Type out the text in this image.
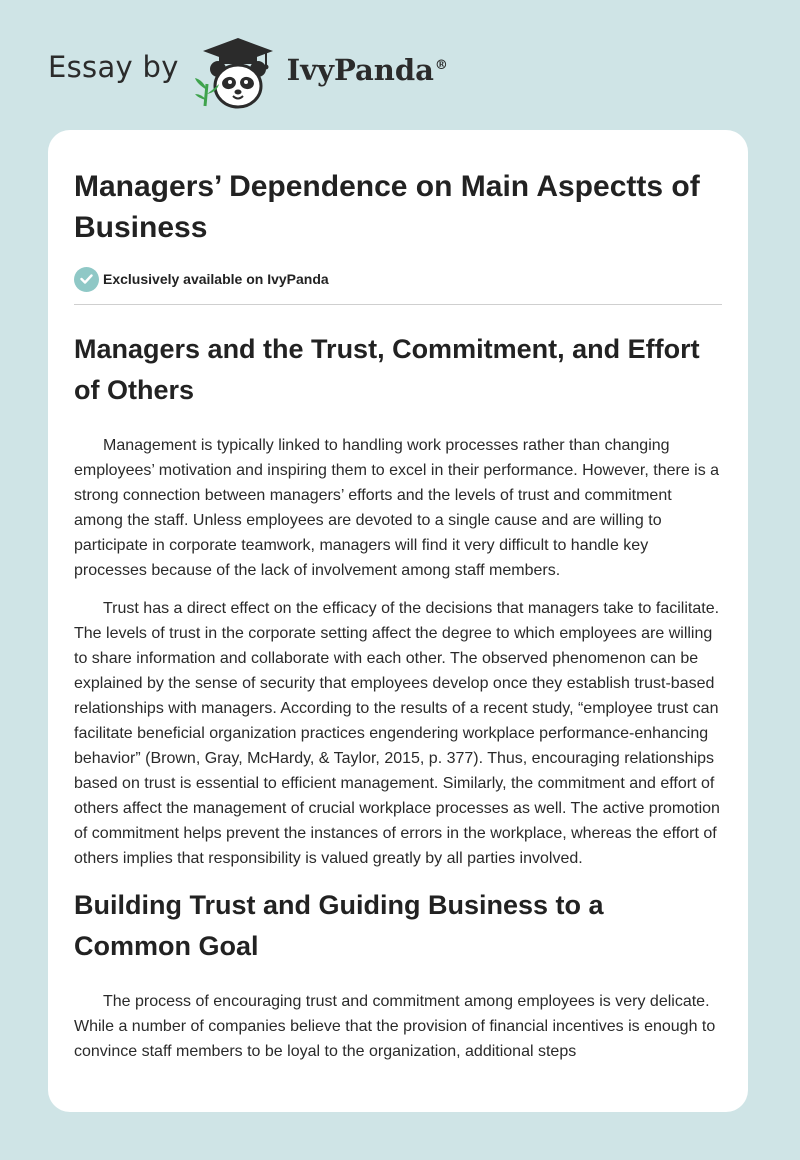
Essay by	IvyPanda®
Managers’ Dependence on Main Aspectts of Business
Exclusively available on IvyPanda
Managers and the Trust, Commitment, and Effort of Others

Management is typically linked to handling work processes rather than changing employees’ motivation and inspiring them to excel in their performance. However, there is a strong connection between managers’ efforts and the levels of trust and commitment among the staff. Unless employees are devoted to a single cause and are willing to participate in corporate teamwork, managers will find it very difficult to handle key processes because of the lack of involvement among staff members.

Trust has a direct effect on the efficacy of the decisions that managers take to facilitate. The levels of trust in the corporate setting affect the degree to which employees are willing to share information and collaborate with each other. The observed phenomenon can be explained by the sense of security that employees develop once they establish trust-based relationships with managers. According to the results of a recent study, “employee trust can facilitate beneficial organization practices engendering workplace performance-enhancing behavior” (Brown, Gray, McHardy, & Taylor, 2015, p. 377). Thus, encouraging relationships based on trust is essential to efficient management. Similarly, the commitment and effort of others affect the management of crucial workplace processes as well. The active promotion of commitment helps prevent the instances of errors in the workplace, whereas the effort of others implies that responsibility is valued greatly by all parties involved.

Building Trust and Guiding Business to a Common Goal

The process of encouraging trust and commitment among employees is very delicate. While a number of companies believe that the provision of financial incentives is enough to convince staff members to be loyal to the organization, additional steps
